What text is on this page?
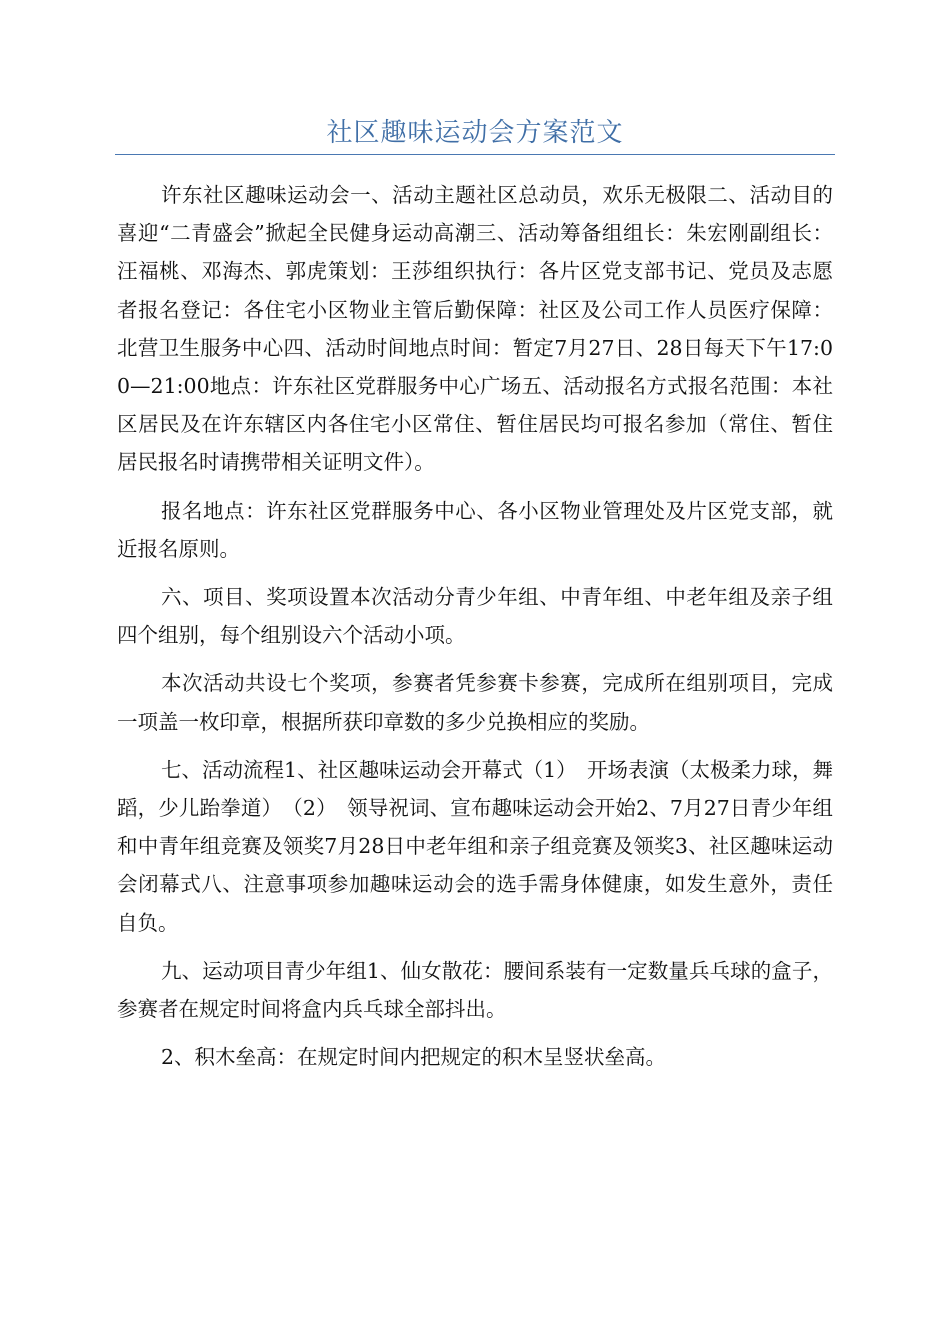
社区趣味运动会方案范文

许东社区趣味运动会一、活动主题社区总动员，欢乐无极限二、活动目的喜迎“二青盛会”掀起全民健身运动高潮三、活动筹备组组长：朱宏刚副组长：汪福桃、邓海杰、郭虎策划：王莎组织执行：各片区党支部书记、党员及志愿者报名登记：各住宅小区物业主管后勤保障：社区及公司工作人员医疗保障：北营卫生服务中心四、活动时间地点时间：暂定7月27日、28日每天下午17:00—21:00地点：许东社区党群服务中心广场五、活动报名方式报名范围：本社区居民及在许东辖区内各住宅小区常住、暂住居民均可报名参加（常住、暂住居民报名时请携带相关证明文件）。

报名地点：许东社区党群服务中心、各小区物业管理处及片区党支部，就近报名原则。

六、项目、奖项设置本次活动分青少年组、中青年组、中老年组及亲子组四个组别，每个组别设六个活动小项。

本次活动共设七个奖项，参赛者凭参赛卡参赛，完成所在组别项目，完成一项盖一枚印章，根据所获印章数的多少兑换相应的奖励。

七、活动流程1、社区趣味运动会开幕式（1）　开场表演（太极柔力球，舞蹈，少儿跆拳道）　（2）　领导祝词、宣布趣味运动会开始2、7月27日青少年组和中青年组竞赛及领奖7月28日中老年组和亲子组竞赛及领奖3、社区趣味运动会闭幕式八、注意事项参加趣味运动会的选手需身体健康，如发生意外，责任自负。

九、运动项目青少年组1、仙女散花：腰间系装有一定数量兵乓球的盒子，参赛者在规定时间将盒内兵乓球全部抖出。

2、积木垒高：在规定时间内把规定的积木呈竖状垒高。
